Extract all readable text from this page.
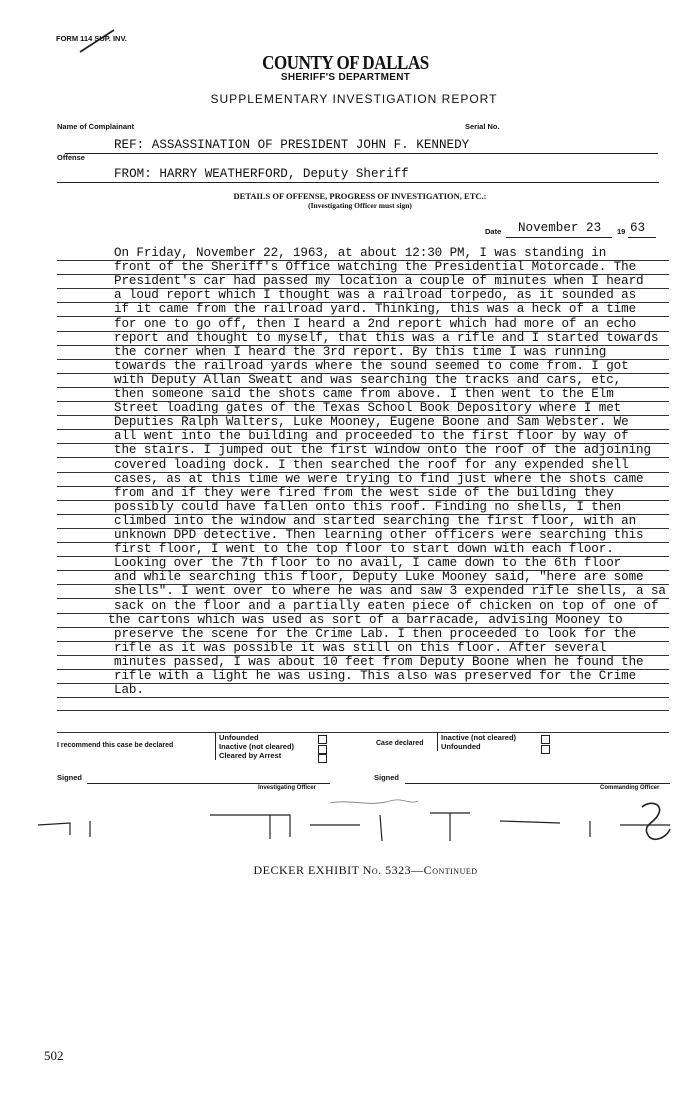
FORM 114 SUP. INV.
COUNTY OF DALLAS
SHERIFF'S DEPARTMENT
SUPPLEMENTARY INVESTIGATION REPORT
Name of Complainant	Serial No.
REF: ASSASSINATION OF PRESIDENT JOHN F. KENNEDY
Offense
FROM: HARRY WEATHERFORD, Deputy Sheriff
DETAILS OF OFFENSE, PROGRESS OF INVESTIGATION, ETC.:
(Investigating Officer must sign)
Date November 23 19 63
On Friday, November 22, 1963, at about 12:30 PM, I was standing in
front of the Sheriff's Office watching the Presidential Motorcade. The
President's car had passed my location a couple of minutes when I heard
a loud report which I thought was a railroad torpedo, as it sounded as
if it came from the railroad yard. Thinking, this was a heck of a time
for one to go off, then I heard a 2nd report which had more of an echo
report and thought to myself, that this was a rifle and I started towards
the corner when I heard the 3rd report. By this time I was running
towards the railroad yards where the sound seemed to come from. I got
with Deputy Allan Sweatt and was searching the tracks and cars, etc,
then someone said the shots came from above. I then went to the Elm
Street loading gates of the Texas School Book Depository where I met
Deputies Ralph Walters, Luke Mooney, Eugene Boone and Sam Webster. We
all went into the building and proceeded to the first floor by way of
the stairs. I jumped out the first window onto the roof of the adjoining
covered loading dock. I then searched the roof for any expended shell
cases, as at this time we were trying to find just where the shots came
from and if they were fired from the west side of the building they
possibly could have fallen onto this roof. Finding no shells, I then
climbed into the window and started searching the first floor, with an
unknown DPD detective. Then learning other officers were searching this
first floor, I went to the top floor to start down with each floor.
Looking over the 7th floor to no avail, I came down to the 6th floor
and while searching this floor, Deputy Luke Mooney said, "here are some
shells". I went over to where he was and saw 3 expended rifle shells, a sa
sack on the floor and a partially eaten piece of chicken on top of one of
the cartons which was used as sort of a barracade, advising Mooney to
preserve the scene for the Crime Lab. I then proceeded to look for the
rifle as it was possible it was still on this floor. After several
minutes passed, I was about 10 feet from Deputy Boone when he found the
rifle with a light he was using. This also was preserved for the Crime
Lab.
I recommend this case be declared
Unfounded
Inactive (not cleared)
Cleared by Arrest
Case declared
Inactive (not cleared)
Unfounded
Signed
Investigating Officer
Signed
Commanding Officer
DECKER EXHIBIT No. 5323—Continued
502
